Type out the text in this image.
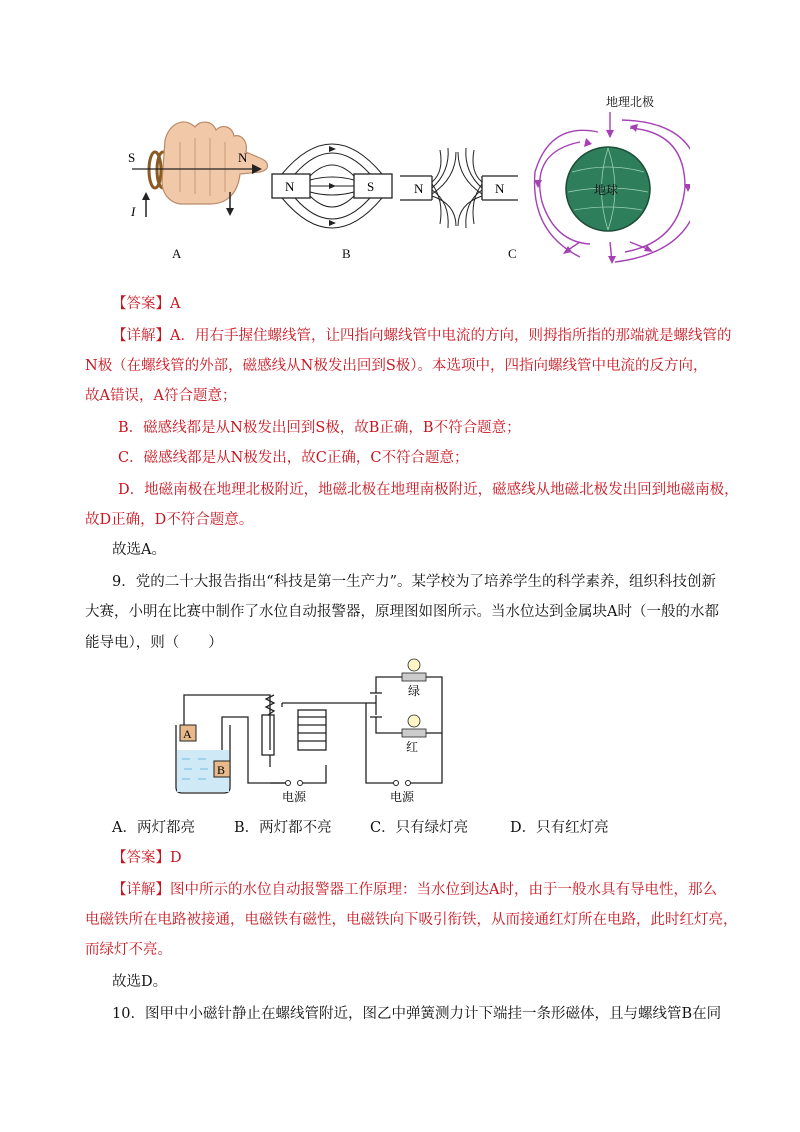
S	N
I
N	S	N	N	地球
地理北极
A	B	C
【答案】A
【详解】A．用右手握住螺线管，让四指向螺线管中电流的方向，则拇指所指的那端就是螺线管的
N极（在螺线管的外部，磁感线从N极发出回到S极）。本选项中，四指向螺线管中电流的反方向，
故A错误，A符合题意；
B．磁感线都是从N极发出回到S极，故B正确，B不符合题意；
C．磁感线都是从N极发出，故C正确，C不符合题意；
D．地磁南极在地理北极附近，地磁北极在地理南极附近，磁感线从地磁北极发出回到地磁南极，
故D正确，D不符合题意。
故选A。
9．党的二十大报告指出“科技是第一生产力”。某学校为了培养学生的科学素养，组织科技创新
大赛，小明在比赛中制作了水位自动报警器，原理图如图所示。当水位达到金属块A时（一般的水都
能导电），则（　　）
A
B
绿
红
电源	电源
A．两灯都亮	B．两灯都不亮	C．只有绿灯亮	D．只有红灯亮
【答案】D
【详解】图中所示的水位自动报警器工作原理：当水位到达A时，由于一般水具有导电性，那么
电磁铁所在电路被接通，电磁铁有磁性，电磁铁向下吸引衔铁，从而接通红灯所在电路，此时红灯亮，
而绿灯不亮。
故选D。
10．图甲中小磁针静止在螺线管附近，图乙中弹簧测力计下端挂一条形磁体，且与螺线管B在同
